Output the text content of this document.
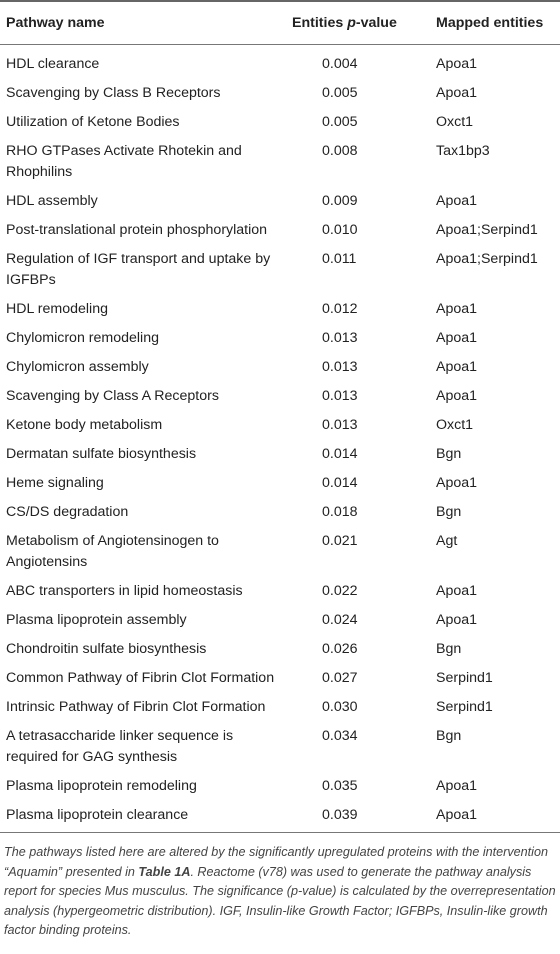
Pathway name	Entities p-value	Mapped entities
HDL clearance	0.004	Apoa1
Scavenging by Class B Receptors	0.005	Apoa1
Utilization of Ketone Bodies	0.005	Oxct1
RHO GTPases Activate Rhotekin and Rhophilins	0.008	Tax1bp3
HDL assembly	0.009	Apoa1
Post-translational protein phosphorylation	0.010	Apoa1;Serpind1
Regulation of IGF transport and uptake by IGFBPs	0.011	Apoa1;Serpind1
HDL remodeling	0.012	Apoa1
Chylomicron remodeling	0.013	Apoa1
Chylomicron assembly	0.013	Apoa1
Scavenging by Class A Receptors	0.013	Apoa1
Ketone body metabolism	0.013	Oxct1
Dermatan sulfate biosynthesis	0.014	Bgn
Heme signaling	0.014	Apoa1
CS/DS degradation	0.018	Bgn
Metabolism of Angiotensinogen to Angiotensins	0.021	Agt
ABC transporters in lipid homeostasis	0.022	Apoa1
Plasma lipoprotein assembly	0.024	Apoa1
Chondroitin sulfate biosynthesis	0.026	Bgn
Common Pathway of Fibrin Clot Formation	0.027	Serpind1
Intrinsic Pathway of Fibrin Clot Formation	0.030	Serpind1
A tetrasaccharide linker sequence is required for GAG synthesis	0.034	Bgn
Plasma lipoprotein remodeling	0.035	Apoa1
Plasma lipoprotein clearance	0.039	Apoa1
The pathways listed here are altered by the significantly upregulated proteins with the intervention “Aquamin” presented in Table 1A. Reactome (v78) was used to generate the pathway analysis report for species Mus musculus. The significance (p-value) is calculated by the overrepresentation analysis (hypergeometric distribution). IGF, Insulin-like Growth Factor; IGFBPs, Insulin-like growth factor binding proteins.
